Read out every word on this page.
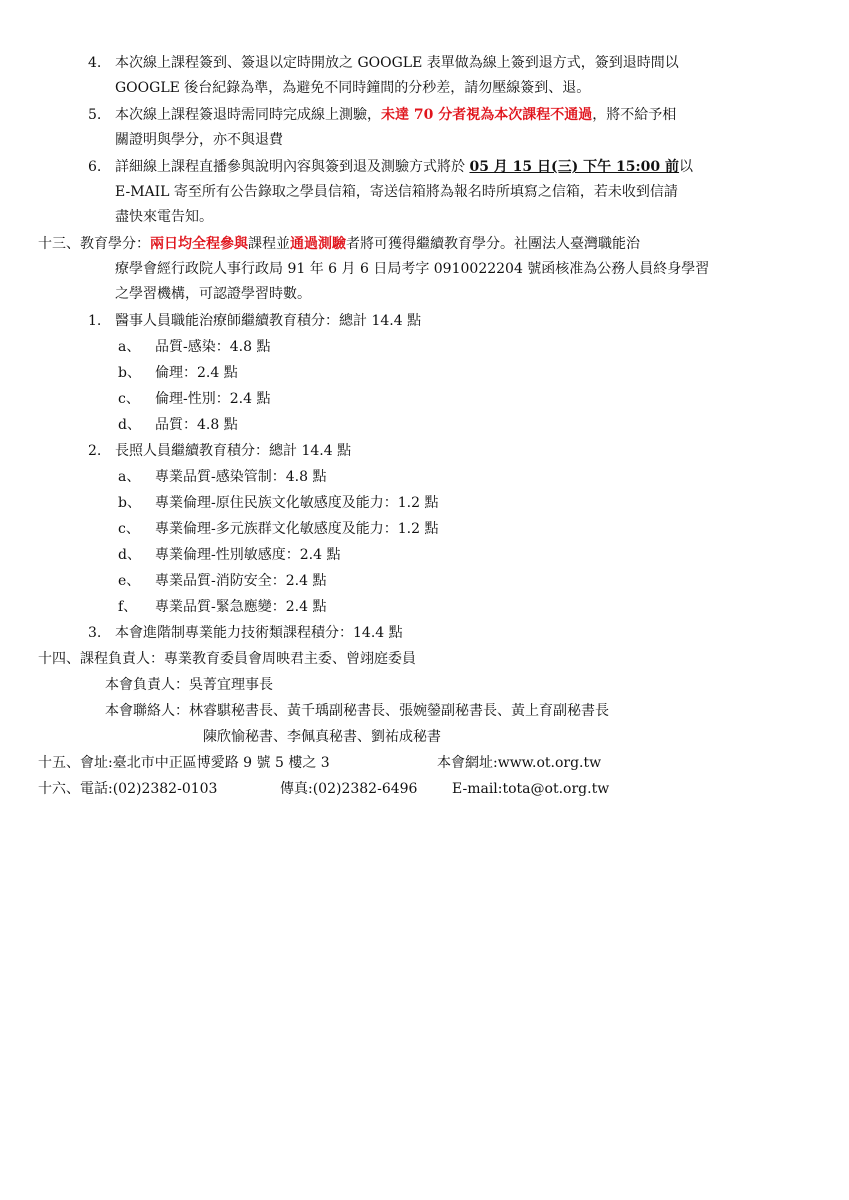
4. 本次線上課程簽到、簽退以定時開放之 GOOGLE 表單做為線上簽到退方式，簽到退時間以
GOOGLE 後台紀錄為準，為避免不同時鐘間的分秒差，請勿壓線簽到、退。
5. 本次線上課程簽退時需同時完成線上測驗，未達 70 分者視為本次課程不通過，將不給予相
關證明與學分，亦不與退費
6. 詳細線上課程直播參與說明內容與簽到退及測驗方式將於 05 月 15 日(三) 下午 15:00 前以
E-MAIL 寄至所有公告錄取之學員信箱，寄送信箱將為報名時所填寫之信箱，若未收到信請
盡快來電告知。
十三、教育學分：兩日均全程參與課程並通過測驗者將可獲得繼續教育學分。社團法人臺灣職能治
療學會經行政院人事行政局 91 年 6 月 6 日局考字 0910022204 號函核准為公務人員終身學習
之學習機構，可認證學習時數。
1. 醫事人員職能治療師繼續教育積分：總計 14.4 點
a、 品質-感染：4.8 點
b、 倫理：2.4 點
c、 倫理-性別：2.4 點
d、 品質：4.8 點
2. 長照人員繼續教育積分：總計 14.4 點
a、 專業品質-感染管制：4.8 點
b、 專業倫理-原住民族文化敏感度及能力：1.2 點
c、 專業倫理-多元族群文化敏感度及能力：1.2 點
d、 專業倫理-性別敏感度：2.4 點
e、 專業品質-消防安全：2.4 點
f、 專業品質-緊急應變：2.4 點
3. 本會進階制專業能力技術類課程積分：14.4 點
十四、課程負責人：專業教育委員會周映君主委、曾翊庭委員
本會負責人：吳菁宜理事長
本會聯絡人：林睿騏秘書長、黃千瑀副秘書長、張婉鎣副秘書長、黃上育副秘書長
陳欣愉秘書、李佩真秘書、劉祐成秘書
十五、會址:臺北市中正區博愛路 9 號 5 樓之 3	本會網址:www.ot.org.tw
十六、電話:(02)2382-0103	傳真:(02)2382-6496 E-mail:tota@ot.org.tw
